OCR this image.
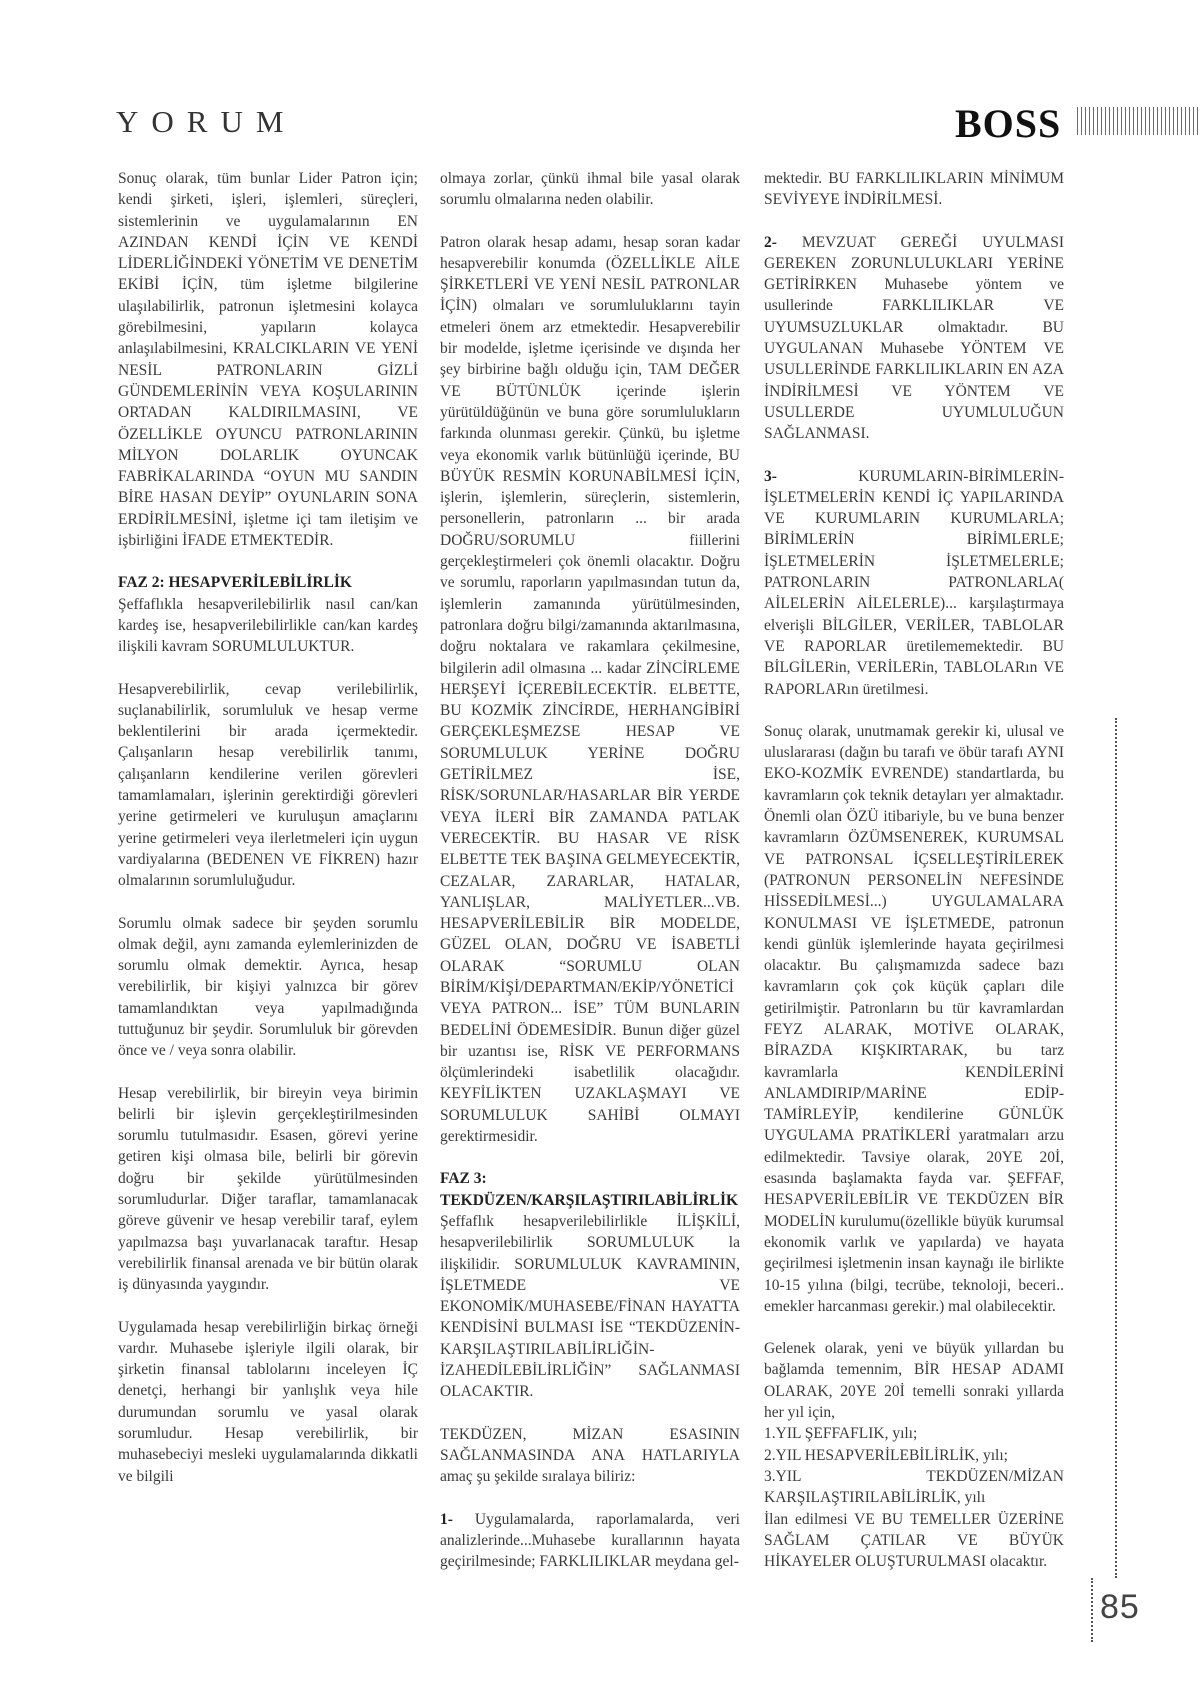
YORUM	BOSS

Sonuç olarak, tüm bunlar Lider Patron için; kendi şirketi, işleri, işlemleri, süreçleri, sistemlerinin ve uygulamalarının EN AZINDAN KENDİ İÇİN VE KENDİ LİDERLİĞİNDEKİ YÖNETİM VE DENETİM EKİBİ İÇİN, tüm işletme bilgilerine ulaşılabilirlik, patronun işletmesini kolayca görebilmesini, yapıların kolayca anlaşılabilmesini, KRALCIKLARIN VE YENİ NESİL PATRONLARIN GİZLİ GÜNDEMLERİNİN VEYA KOŞULARININ ORTADAN KALDIRILMASINI, VE ÖZELLİKLE OYUNCU PATRONLARININ MİLYON DOLARLIK OYUNCAK FABRİKALARINDA “OYUN MU SANDIN BİRE HASAN DEYİP” OYUNLARIN SONA ERDİRİLMESİNİ, işletme içi tam iletişim ve işbirliğini İFADE ETMEKTEDİR.

FAZ 2: HESAPVERİLEBİLİRLİK

Şeffaflıkla hesapverilebilirlik nasıl can/kan kardeş ise, hesapverilebilirlikle can/kan kardeş ilişkili kavram SORUMLULUKTUR.

Hesapverebilirlik, cevap verilebilirlik, suçlanabilirlik, sorumluluk ve hesap verme beklentilerini bir arada içermektedir. Çalışanların hesap verebilirlik tanımı, çalışanların kendilerine verilen görevleri tamamlamaları, işlerinin gerektirdiği görevleri yerine getirmeleri ve kuruluşun amaçlarını yerine getirmeleri veya ilerletmeleri için uygun vardiyalarına (BEDENEN VE FİKREN) hazır olmalarının sorumluluğudur.

Sorumlu olmak sadece bir şeyden sorumlu olmak değil, aynı zamanda eylemlerinizden de sorumlu olmak demektir. Ayrıca, hesap verebilirlik, bir kişiyi yalnızca bir görev tamamlandıktan veya yapılmadığında tuttuğunuz bir şeydir. Sorumluluk bir görevden önce ve / veya sonra olabilir.

Hesap verebilirlik, bir bireyin veya birimin belirli bir işlevin gerçekleştirilmesinden sorumlu tutulmasıdır. Esasen, görevi yerine getiren kişi olmasa bile, belirli bir görevin doğru bir şekilde yürütülmesinden sorumludurlar. Diğer taraflar, tamamlanacak göreve güvenir ve hesap verebilir taraf, eylem yapılmazsa başı yuvarlanacak taraftır. Hesap verebilirlik finansal arenada ve bir bütün olarak iş dünyasında yaygındır.

Uygulamada hesap verebilirliğin birkaç örneği vardır. Muhasebe işleriyle ilgili olarak, bir şirketin finansal tablolarını inceleyen İÇ denetçi, herhangi bir yanlışlık veya hile durumundan sorumlu ve yasal olarak sorumludur. Hesap verebilirlik, bir muhasebeciyi mesleki uygulamalarında dikkatli ve bilgili

olmaya zorlar, çünkü ihmal bile yasal olarak sorumlu olmalarına neden olabilir.

Patron olarak hesap adamı, hesap soran kadar hesapverebilir konumda (ÖZELLİKLE AİLE ŞİRKETLERİ VE YENİ NESİL PATRONLAR İÇİN) olmaları ve sorumluluklarını tayin etmeleri önem arz etmektedir. Hesapverebilir bir modelde, işletme içerisinde ve dışında her şey birbirine bağlı olduğu için, TAM DEĞER VE BÜTÜNLÜK içerinde işlerin yürütüldüğünün ve buna göre sorumlulukların farkında olunması gerekir. Çünkü, bu işletme veya ekonomik varlık bütünlüğü içerinde, BU BÜYÜK RESMİN KORUNABİLMESİ İÇİN, işlerin, işlemlerin, süreçlerin, sistemlerin, personellerin, patronların ... bir arada DOĞRU/SORUMLU fiillerini gerçekleştirmeleri çok önemli olacaktır. Doğru ve sorumlu, raporların yapılmasından tutun da, işlemlerin zamanında yürütülmesinden, patronlara doğru bilgi/zamanında aktarılmasına, doğru noktalara ve rakamlara çekilmesine, bilgilerin adil olmasına ... kadar ZİNCİRLEME HERŞEYİ İÇEREBİLECEKTİR. ELBETTE, BU KOZMİK ZİNCİRDE, HERHANGİBİRİ GERÇEKLEŞMEZSE HESAP VE SORUMLULUK YERİNE DOĞRU GETİRİLMEZ İSE, RİSK/SORUNLAR/HASARLAR BİR YERDE VEYA İLERİ BİR ZAMANDA PATLAK VERECEKTİR. BU HASAR VE RİSK ELBETTE TEK BAŞINA GELMEYECEKTİR, CEZALAR, ZARARLAR, HATALAR, YANLIŞLAR, MALİYETLER...VB. HESAPVERİLEBİLİR BİR MODELDE, GÜZEL OLAN, DOĞRU VE İSABETLİ OLARAK “SORUMLU OLAN BİRİM/KİŞİ/DEPARTMAN/EKİP/YÖNETİCİ VEYA PATRON... İSE” TÜM BUNLARIN BEDELİNİ ÖDEMESİDİR. Bunun diğer güzel bir uzantısı ise, RİSK VE PERFORMANS ölçümlerindeki isabetlilik olacağıdır. KEYFİLİKTEN UZAKLAŞMAYI VE SORUMLULUK SAHİBİ OLMAYI gerektirmesidir.

FAZ 3: TEKDÜZEN/KARŞILAŞTIRILABİLİRLİK

Şeffaflık hesapverilebilirlikle İLİŞKİLİ, hesapverilebilirlik SORUMLULUK la ilişkilidir. SORUMLULUK KAVRAMININ, İŞLETMEDE VE EKONOMİK/MUHASEBE/FİNAN HAYATTA KENDİSİNİ BULMASI İSE “TEKDÜZENİN-KARŞILAŞTIRILABİLİRLİĞİN-İZAHEDİLEBİLİRLİĞİN” SAĞLANMASI OLACAKTIR.

TEKDÜZEN, MİZAN ESASININ SAĞLANMASINDA ANA HATLARIYLA amaç şu şekilde sıralaya biliriz:

1- Uygulamalarda, raporlamalarda, veri analizlerinde...Muhasebe kurallarının hayata geçirilmesinde; FARKLILIKLAR meydana gel-

mektedir. BU FARKLILIKLARIN MİNİMUM SEVİYEYE İNDİRİLMESİ.

2- MEVZUAT GEREĞİ UYULMASI GEREKEN ZORUNLULUKLARI YERİNE GETİRİRKEN Muhasebe yöntem ve usullerinde FARKLILIKLAR VE UYUMSUZLUKLAR olmaktadır. BU UYGULANAN Muhasebe YÖNTEM VE USULLERİNDE FARKLILIKLARIN EN AZA İNDİRİLMESİ VE YÖNTEM VE USULLERDE UYUMLULUĞUN SAĞLANMASI.

3- KURUMLARIN-BİRİMLERİN-İŞLETMELERİN KENDİ İÇ YAPILARINDA VE KURUMLARIN KURUMLARLA; BİRİMLERİN BİRİMLERLE; İŞLETMELERİN İŞLETMELERLE; PATRONLARIN PATRONLARLA( AİLELERİN AİLELERLE)... karşılaştırmaya elverişli BİLGİLER, VERİLER, TABLOLAR VE RAPORLAR üretilememektedir. BU BİLGİLERin, VERİLERin, TABLOLARın VE RAPORLARın üretilmesi.

Sonuç olarak, unutmamak gerekir ki, ulusal ve uluslararası (dağın bu tarafı ve öbür tarafı AYNI EKO-KOZMİK EVRENDE) standartlarda, bu kavramların çok teknik detayları yer almaktadır. Önemli olan ÖZÜ itibariyle, bu ve buna benzer kavramların ÖZÜMSENEREK, KURUMSAL VE PATRONSAL İÇSELLEŞTİRİLEREK (PATRONUN PERSONELİN NEFESİNDE HİSSEDİLMESİ...) UYGULAMALARA KONULMASI VE İŞLETMEDE, patronun kendi günlük işlemlerinde hayata geçirilmesi olacaktır. Bu çalışmamızda sadece bazı kavramların çok çok küçük çapları dile getirilmiştir. Patronların bu tür kavramlardan FEYZ ALARAK, MOTİVE OLARAK, BİRAZDA KIŞKIRTARAK, bu tarz kavramlarla KENDİLERİNİ ANLAMDIRIP/MARİNE EDİP-TAMİRLEYİP, kendilerine GÜNLÜK UYGULAMA PRATİKLERİ yaratmaları arzu edilmektedir. Tavsiye olarak, 20YE 20İ, esasında başlamakta fayda var. ŞEFFAF, HESAPVERİLEBİLİR VE TEKDÜZEN BİR MODELİN kurulumu(özellikle büyük kurumsal ekonomik varlık ve yapılarda) ve hayata geçirilmesi işletmenin insan kaynağı ile birlikte 10-15 yılına (bilgi, tecrübe, teknoloji, beceri.. emekler harcanması gerekir.) mal olabilecektir.

Gelenek olarak, yeni ve büyük yıllardan bu bağlamda temennim, BİR HESAP ADAMI OLARAK, 20YE 20İ temelli sonraki yıllarda her yıl için,

1.YIL ŞEFFAFLIK, yılı;
2.YIL HESAPVERİLEBİLİRLİK, yılı;
3.YIL TEKDÜZEN/MİZAN KARŞILAŞTIRILABİLİRLİK, yılı

İlan edilmesi VE BU TEMELLER ÜZERİNE SAĞLAM ÇATILAR VE BÜYÜK HİKAYELER OLUŞTURULMASI olacaktır.

85
